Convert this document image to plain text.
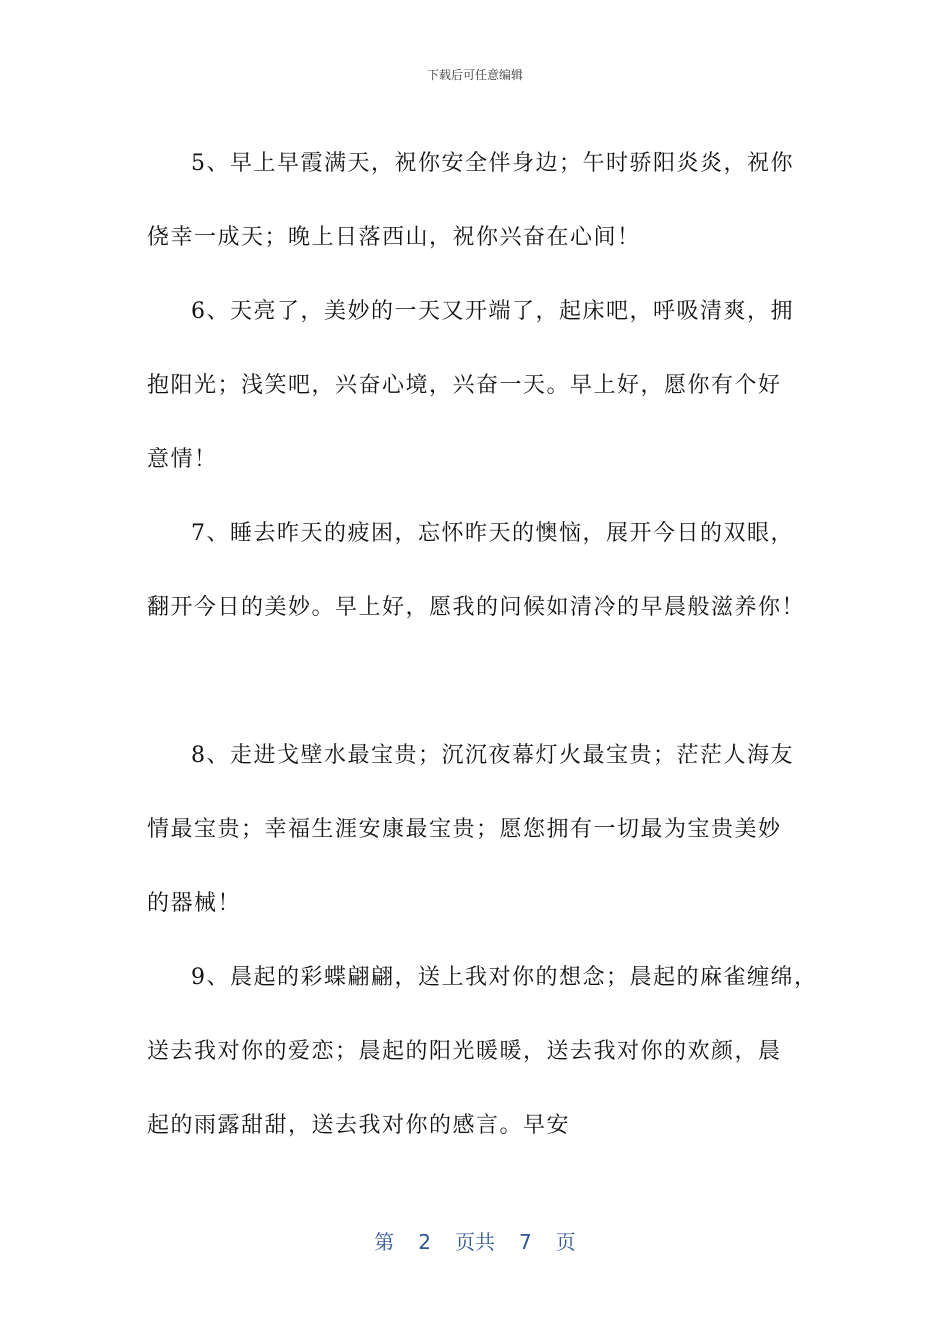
下载后可任意编辑

5、早上早霞满天，祝你安全伴身边；午时骄阳炎炎，祝你
侥幸一成天；晚上日落西山，祝你兴奋在心间！

6、天亮了，美妙的一天又开端了，起床吧，呼吸清爽，拥
抱阳光；浅笑吧，兴奋心境，兴奋一天。早上好，愿你有个好
意情！

7、睡去昨天的疲困，忘怀昨天的懊恼，展开今日的双眼，
翻开今日的美妙。早上好，愿我的问候如清冷的早晨般滋养你！

8、走进戈壁水最宝贵；沉沉夜幕灯火最宝贵；茫茫人海友
情最宝贵；幸福生涯安康最宝贵；愿您拥有一切最为宝贵美妙
的器械！

9、晨起的彩蝶翩翩，送上我对你的想念；晨起的麻雀缠绵，
送去我对你的爱恋；晨起的阳光暖暖，送去我对你的欢颜，晨
起的雨露甜甜，送去我对你的感言。早安

第 2 页共 7 页
